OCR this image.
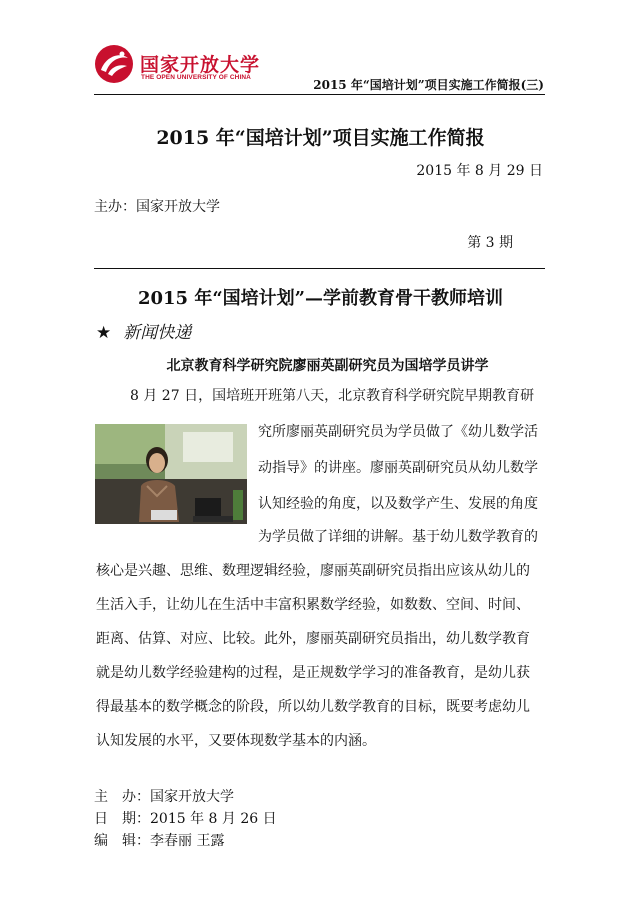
国家开放大学
THE OPEN UNIVERSITY OF CHINA
2015 年“国培计划”项目实施工作简报(三)
2015 年“国培计划”项目实施工作简报
2015 年 8 月 29 日
主办：国家开放大学
第 3 期
2015 年“国培计划”—学前教育骨干教师培训
★ 新闻快递
北京教育科学研究院廖丽英副研究员为国培学员讲学
8 月 27 日，国培班开班第八天，北京教育科学研究院早期教育研
究所廖丽英副研究员为学员做了《幼儿数学活
动指导》的讲座。廖丽英副研究员从幼儿数学
认知经验的角度，以及数学产生、发展的角度
为学员做了详细的讲解。基于幼儿数学教育的
核心是兴趣、思维、数理逻辑经验，廖丽英副研究员指出应该从幼儿的
生活入手，让幼儿在生活中丰富积累数学经验，如数数、空间、时间、
距离、估算、对应、比较。此外，廖丽英副研究员指出，幼儿数学教育
就是幼儿数学经验建构的过程，是正规数学学习的准备教育，是幼儿获
得最基本的数学概念的阶段，所以幼儿数学教育的目标，既要考虑幼儿
认知发展的水平，又要体现数学基本的内涵。
主　办：国家开放大学
日　期：2015 年 8 月 26 日
编　辑：李春丽 王露
